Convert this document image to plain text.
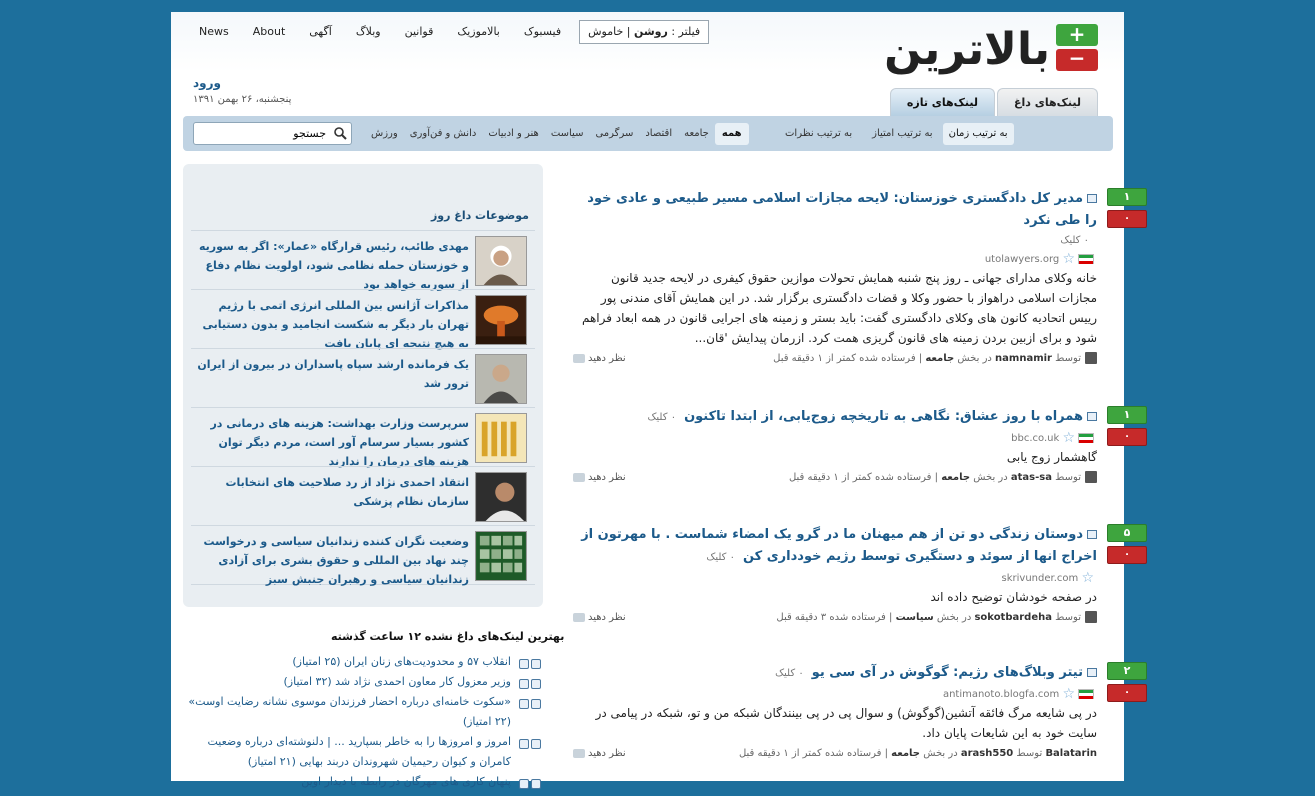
بالاترین +
−
News	About	آگهی	وبلاگ	قوانین	بالاموزیک	فیسبوک	فیلتر : روشن | خاموش
ورود
پنجشنبه، ۲۶ بهمن ۱۳۹۱	لینک‌های داغ
لینک‌های تازه
جستجو
همه
جامعه
اقتصاد
سرگرمی
سیاست
هنر و ادبیات
دانش و فن‌آوری
ورزش	به ترتیب زمان
به ترتیب امتیاز
به ترتیب نظرات
موضوعات داغ روز
مهدی طائب، رئیس قرارگاه «عمار»: اگر به سوریه و خوزستان حمله نظامی شود، اولویت نظام دفاع از سوریه خواهد بود
مذاکرات آژانس بین المللی انرژی اتمی با رژیم تهران بار دیگر به شکست انجامید و بدون دستیابی به هیچ نتیجه ای پایان یافت
یک فرمانده ارشد سپاه پاسداران در بیرون از ایران ترور شد
سرپرست وزارت بهداشت: هزینه های درمانی در کشور بسیار سرسام آور است، مردم دیگر توان هزینه های درمان را ندارند
انتقاد احمدی نژاد از رد صلاحیت های انتخابات سازمان نظام پزشکی
وضعیت نگران کننده زندانیان سیاسی و درخواست چند نهاد بین المللی و حقوق بشری برای آزادی زندانیان سیاسی و رهبران جنبش سبز
بهترین لینک‌های داغ نشده ۱۲ ساعت گذشته
انقلاب ۵۷ و محدودیت‌های زنان ایران (۲۵ امتیاز)
وزیر معزول کار معاون احمدی نژاد شد (۳۲ امتیاز)
«سکوت خامنه‌ای درباره احضار فرزندان موسوی نشانه رضایت اوست» (۲۲ امتیاز)
امروز و امروزها را به خاطر بسپارید ... | دلنوشته‌ای درباره وضعیت کامران و کیوان رحیمیان شهروندان دربند بهایی (۲۱ امتیاز)
پنهان کاری های مهرگان در رابطه با دیدار اوین
۱
۰
مدیر کل دادگستری خوزستان: لایحه مجازات اسلامی مسیر طبیعی و عادی خود را طی نکرد
۰ کلیک
☆ utolawyers.org
خانه وکلای مدارای جهانی ـ روز پنج شنبه همایش تحولات موازین حقوق کیفری در لایحه جدید قانون مجازات اسلامی دراهواز با حضور وکلا و قضات دادگستری برگزار شد. در این همایش آقای مندنی پور رییس اتحادیه کانون های وکلای دادگستری گفت: باید بستر و زمینه های اجرایی قانون در همه ابعاد فراهم شود و برای ازبین بردن زمینه های قانون گریزی همت کرد. ازرمان پیدایش 'قان...
توسط namnamir در بخش جامعه | فرستاده شده کمتر از ۱ دقیقه قبل
نظر دهید
۱
۰
همراه با روز عشاق: نگاهی به تاریخچه زوج‌یابی، از ابتدا تاکنون۰ کلیک
☆ bbc.co.uk
گاهشمار زوج یابی
توسط atas-sa در بخش جامعه | فرستاده شده کمتر از ۱ دقیقه قبل
نظر دهید
۵
۰
دوستان زندگی دو تن از هم میهنان ما در گرو یک امضاء شماست . با مهرتون از اخراج انها از سوئد و دستگیری توسط رژیم خودداری کن۰ کلیک
☆ skrivunder.com
در صفحه خودشان توضیح داده اند
توسط sokotbardeha در بخش سیاست | فرستاده شده ۳ دقیقه قبل
نظر دهید
۲
۰
تیتر وبلاگ‌های رژیم: گوگوش در آی سی یو۰ کلیک
☆ antimanoto.blogfa.com
در پی شایعه مرگ فائقه آتشین(گوگوش) و سوال پی در پی بینندگان شبکه من و تو، شبکه در پیامی در سایت خود به این شایعات پایان داد.
Balatarin توسط arash550 در بخش جامعه | فرستاده شده کمتر از ۱ دقیقه قبل
نظر دهید
